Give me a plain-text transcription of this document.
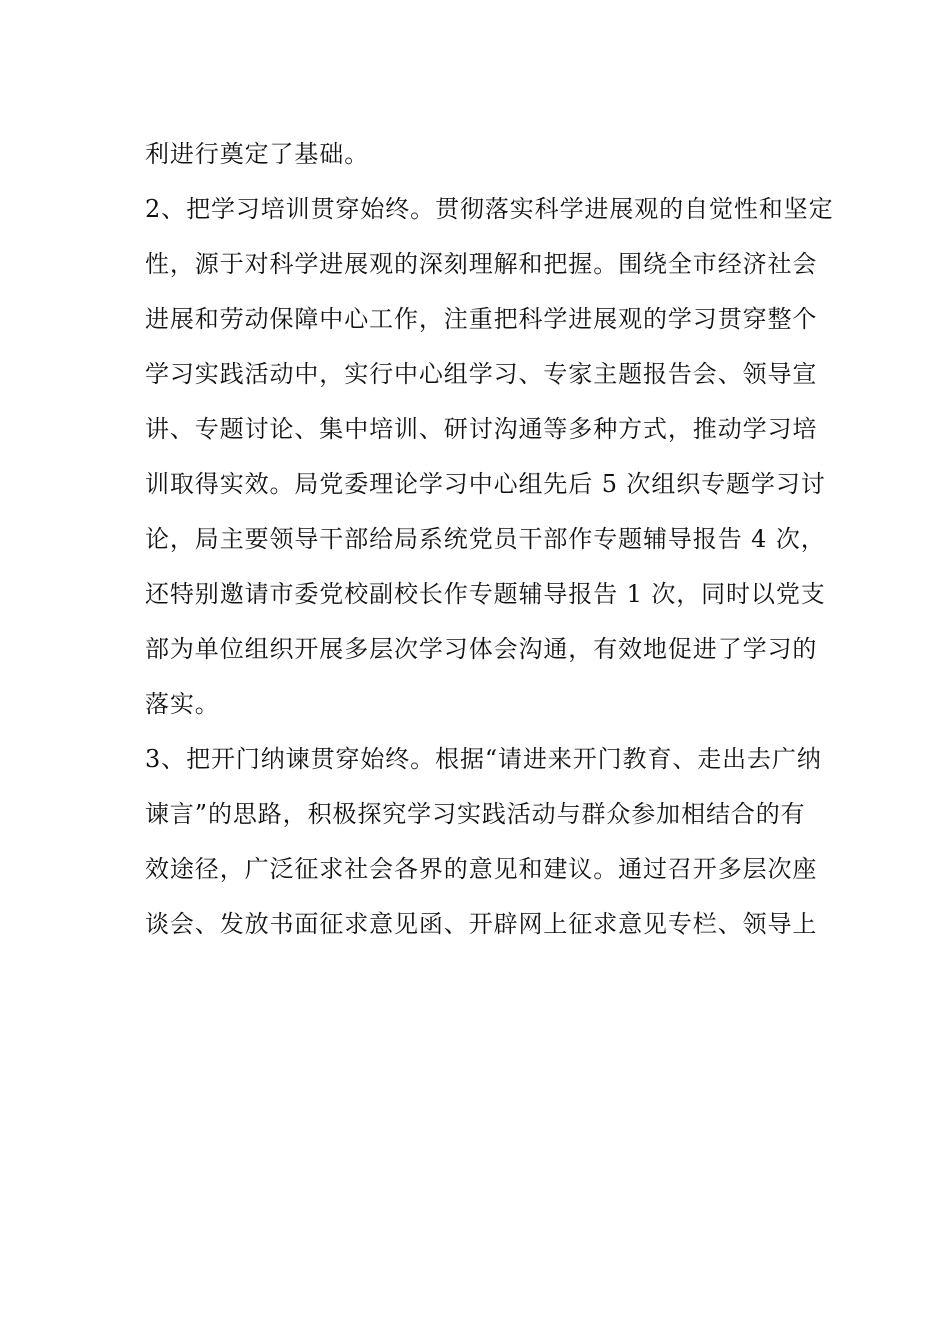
利进行奠定了基础。
2、把学习培训贯穿始终。贯彻落实科学进展观的自觉性和坚定
性，源于对科学进展观的深刻理解和把握。围绕全市经济社会
进展和劳动保障中心工作，注重把科学进展观的学习贯穿整个
学习实践活动中，实行中心组学习、专家主题报告会、领导宣
讲、专题讨论、集中培训、研讨沟通等多种方式，推动学习培
训取得实效。局党委理论学习中心组先后 5 次组织专题学习讨
论，局主要领导干部给局系统党员干部作专题辅导报告 4 次，
还特别邀请市委党校副校长作专题辅导报告 1 次，同时以党支
部为单位组织开展多层次学习体会沟通，有效地促进了学习的
落实。
3、把开门纳谏贯穿始终。根据“请进来开门教育、走出去广纳
谏言”的思路，积极探究学习实践活动与群众参加相结合的有
效途径，广泛征求社会各界的意见和建议。通过召开多层次座
谈会、发放书面征求意见函、开辟网上征求意见专栏、领导上
